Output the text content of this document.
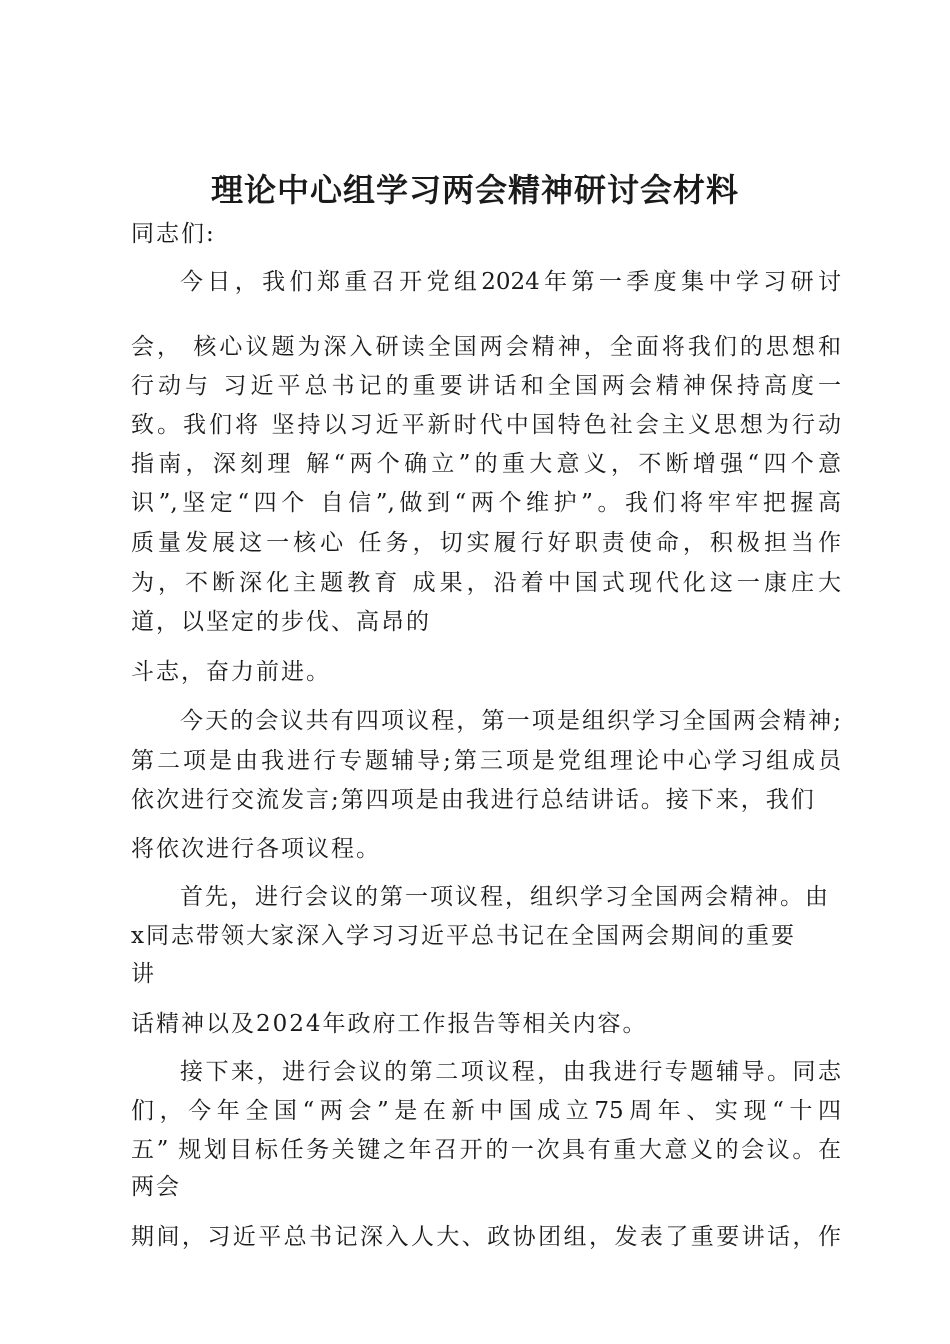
理论中心组学习两会精神研讨会材料
同志们:
今日，我们郑重召开党组2024年第一季度集中学习研讨
会， 核心议题为深入研读全国两会精神，全面将我们的思想和
行动与 习近平总书记的重要讲话和全国两会精神保持高度一
致。我们将 坚持以习近平新时代中国特色社会主义思想为行动
指南，深刻理 解“两个确立”的重大意义，不断增强“四个意
识”,坚定“四个 自信”,做到“两个维护”。我们将牢牢把握高
质量发展这一核心 任务，切实履行好职责使命，积极担当作
为，不断深化主题教育 成果，沿着中国式现代化这一康庄大
道，以坚定的步伐、高昂的
斗志，奋力前进。
今天的会议共有四项议程，第一项是组织学习全国两会精神;
第二项是由我进行专题辅导;第三项是党组理论中心学习组成员
依次进行交流发言;第四项是由我进行总结讲话。接下来，我们
将依次进行各项议程。
首先，进行会议的第一项议程，组织学习全国两会精神。由
x同志带领大家深入学习习近平总书记在全国两会期间的重要
讲
话精神以及2024年政府工作报告等相关内容。
接下来，进行会议的第二项议程，由我进行专题辅导。同志
们，今年全国“两会”是在新中国成立75周年、实现“十四
五” 规划目标任务关键之年召开的一次具有重大意义的会议。在
两会
期间，习近平总书记深入人大、政协团组，发表了重要讲话，作
